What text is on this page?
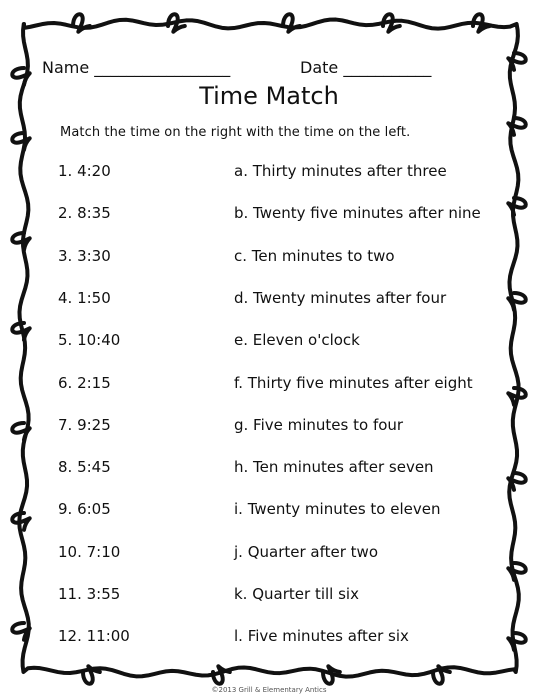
Name _________________	Date ___________
Time Match
Match the time on the right with the time on the left.
1. 4:20	a. Thirty minutes after three
2. 8:35	b. Twenty five minutes after nine
3. 3:30	c. Ten minutes to two
4. 1:50	d. Twenty minutes after four
5. 10:40	e. Eleven o'clock
6. 2:15	f. Thirty five minutes after eight
7. 9:25	g. Five minutes to four
8. 5:45	h. Ten minutes after seven
9. 6:05	i. Twenty minutes to eleven
10. 7:10	j. Quarter after two
11. 3:55	k. Quarter till six
12. 11:00	l. Five minutes after six
©2013 Grill & Elementary Antics
